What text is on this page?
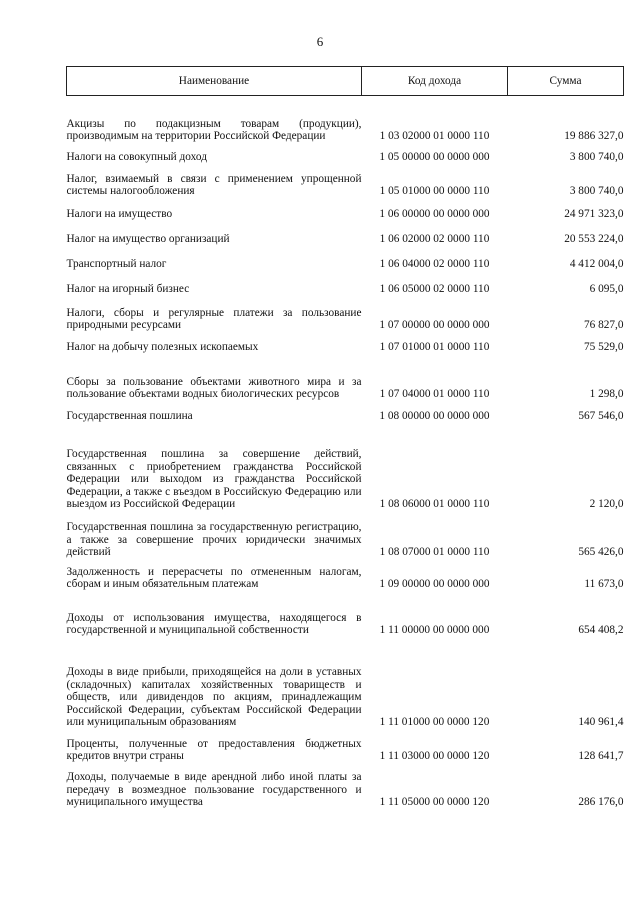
6
Наименование	Код дохода	Сумма
Акцизы по подакцизным товарам (продукции), производимым на территории Российской Федерации	1 03 02000 01 0000 110	19 886 327,0
Налоги на совокупный доход	1 05 00000 00 0000 000	3 800 740,0
Налог, взимаемый в связи с применением упрощенной системы налогообложения	1 05 01000 00 0000 110	3 800 740,0
Налоги на имущество	1 06 00000 00 0000 000	24 971 323,0
Налог на имущество организаций	1 06 02000 02 0000 110	20 553 224,0
Транспортный налог	1 06 04000 02 0000 110	4 412 004,0
Налог на игорный бизнес	1 06 05000 02 0000 110	6 095,0
Налоги, сборы и регулярные платежи за пользование природными ресурсами	1 07 00000 00 0000 000	76 827,0
Налог на добычу полезных ископаемых	1 07 01000 01 0000 110	75 529,0
Сборы за пользование объектами животного мира и за пользование объектами водных биологических ресурсов	1 07 04000 01 0000 110	1 298,0
Государственная пошлина	1 08 00000 00 0000 000	567 546,0
Государственная пошлина за совершение действий, связанных с приобретением гражданства Российской Федерации или выходом из гражданства Российской Федерации, а также с въездом в Российскую Федерацию или выездом из Российской Федерации	1 08 06000 01 0000 110	2 120,0
Государственная пошлина за государственную регистрацию, а также за совершение прочих юридически значимых действий	1 08 07000 01 0000 110	565 426,0
Задолженность и перерасчеты по отмененным налогам, сборам и иным обязательным платежам	1 09 00000 00 0000 000	11 673,0
Доходы от использования имущества, находящегося в государственной и муниципальной собственности	1 11 00000 00 0000 000	654 408,2
Доходы в виде прибыли, приходящейся на доли в уставных (складочных) капиталах хозяйственных товариществ и обществ, или дивидендов по акциям, принадлежащим Российской Федерации, субъектам Российской Федерации или муниципальным образованиям	1 11 01000 00 0000 120	140 961,4
Проценты, полученные от предоставления бюджетных кредитов внутри страны	1 11 03000 00 0000 120	128 641,7
Доходы, получаемые в виде арендной либо иной платы за передачу в возмездное пользование государственного и муниципального имущества	1 11 05000 00 0000 120	286 176,0
